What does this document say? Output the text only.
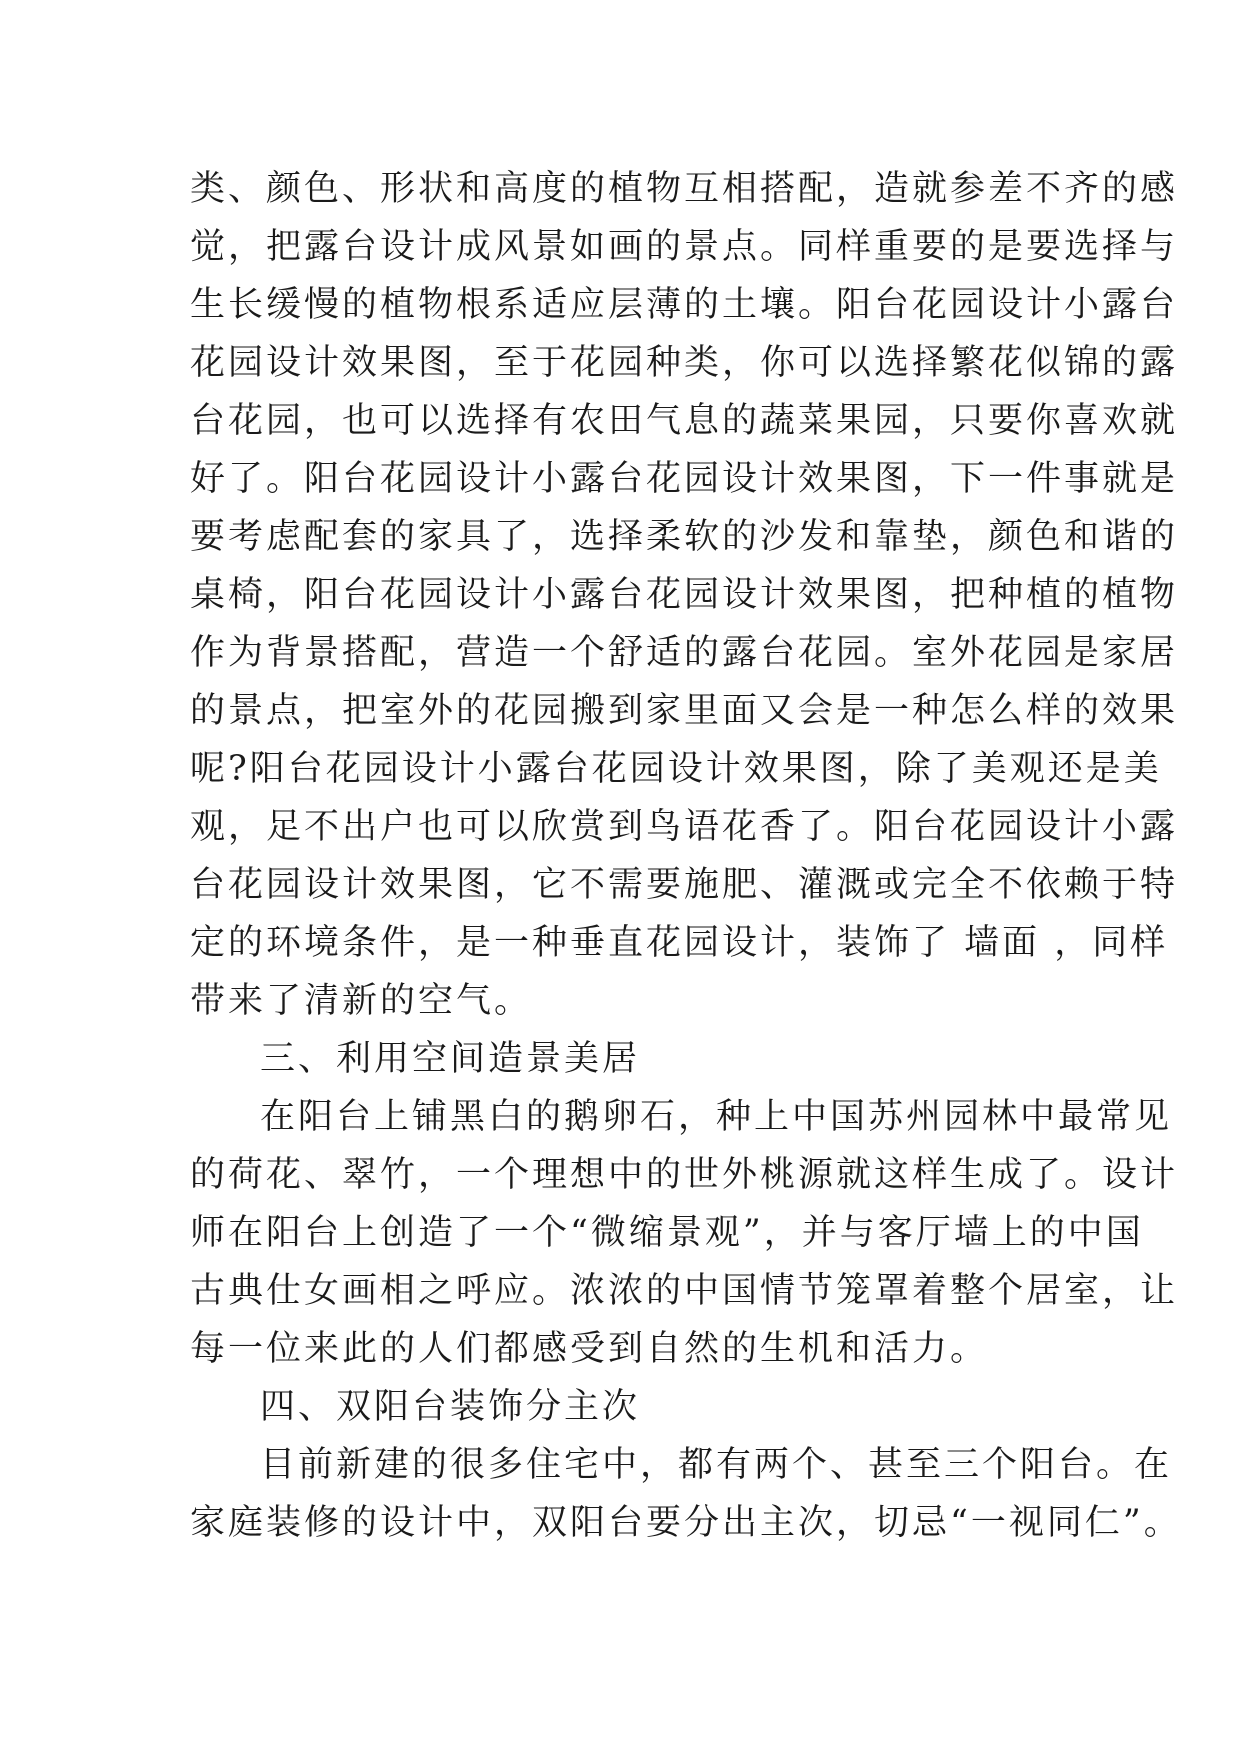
类、颜色、形状和高度的植物互相搭配，造就参差不齐的感
觉，把露台设计成风景如画的景点。同样重要的是要选择与
生长缓慢的植物根系适应层薄的土壤。阳台花园设计小露台
花园设计效果图，至于花园种类，你可以选择繁花似锦的露
台花园，也可以选择有农田气息的蔬菜果园，只要你喜欢就
好了。阳台花园设计小露台花园设计效果图，下一件事就是
要考虑配套的家具了，选择柔软的沙发和靠垫，颜色和谐的
桌椅，阳台花园设计小露台花园设计效果图，把种植的植物
作为背景搭配，营造一个舒适的露台花园。室外花园是家居
的景点，把室外的花园搬到家里面又会是一种怎么样的效果
呢?阳台花园设计小露台花园设计效果图，除了美观还是美
观，足不出户也可以欣赏到鸟语花香了。阳台花园设计小露
台花园设计效果图，它不需要施肥、灌溉或完全不依赖于特
定的环境条件，是一种垂直花园设计，装饰了 墙面 ，同样
带来了清新的空气。
三、利用空间造景美居
在阳台上铺黑白的鹅卵石，种上中国苏州园林中最常见
的荷花、翠竹，一个理想中的世外桃源就这样生成了。设计
师在阳台上创造了一个“微缩景观”，并与客厅墙上的中国
古典仕女画相之呼应。浓浓的中国情节笼罩着整个居室，让
每一位来此的人们都感受到自然的生机和活力。
四、双阳台装饰分主次
目前新建的很多住宅中，都有两个、甚至三个阳台。在
家庭装修的设计中，双阳台要分出主次，切忌“一视同仁”。
